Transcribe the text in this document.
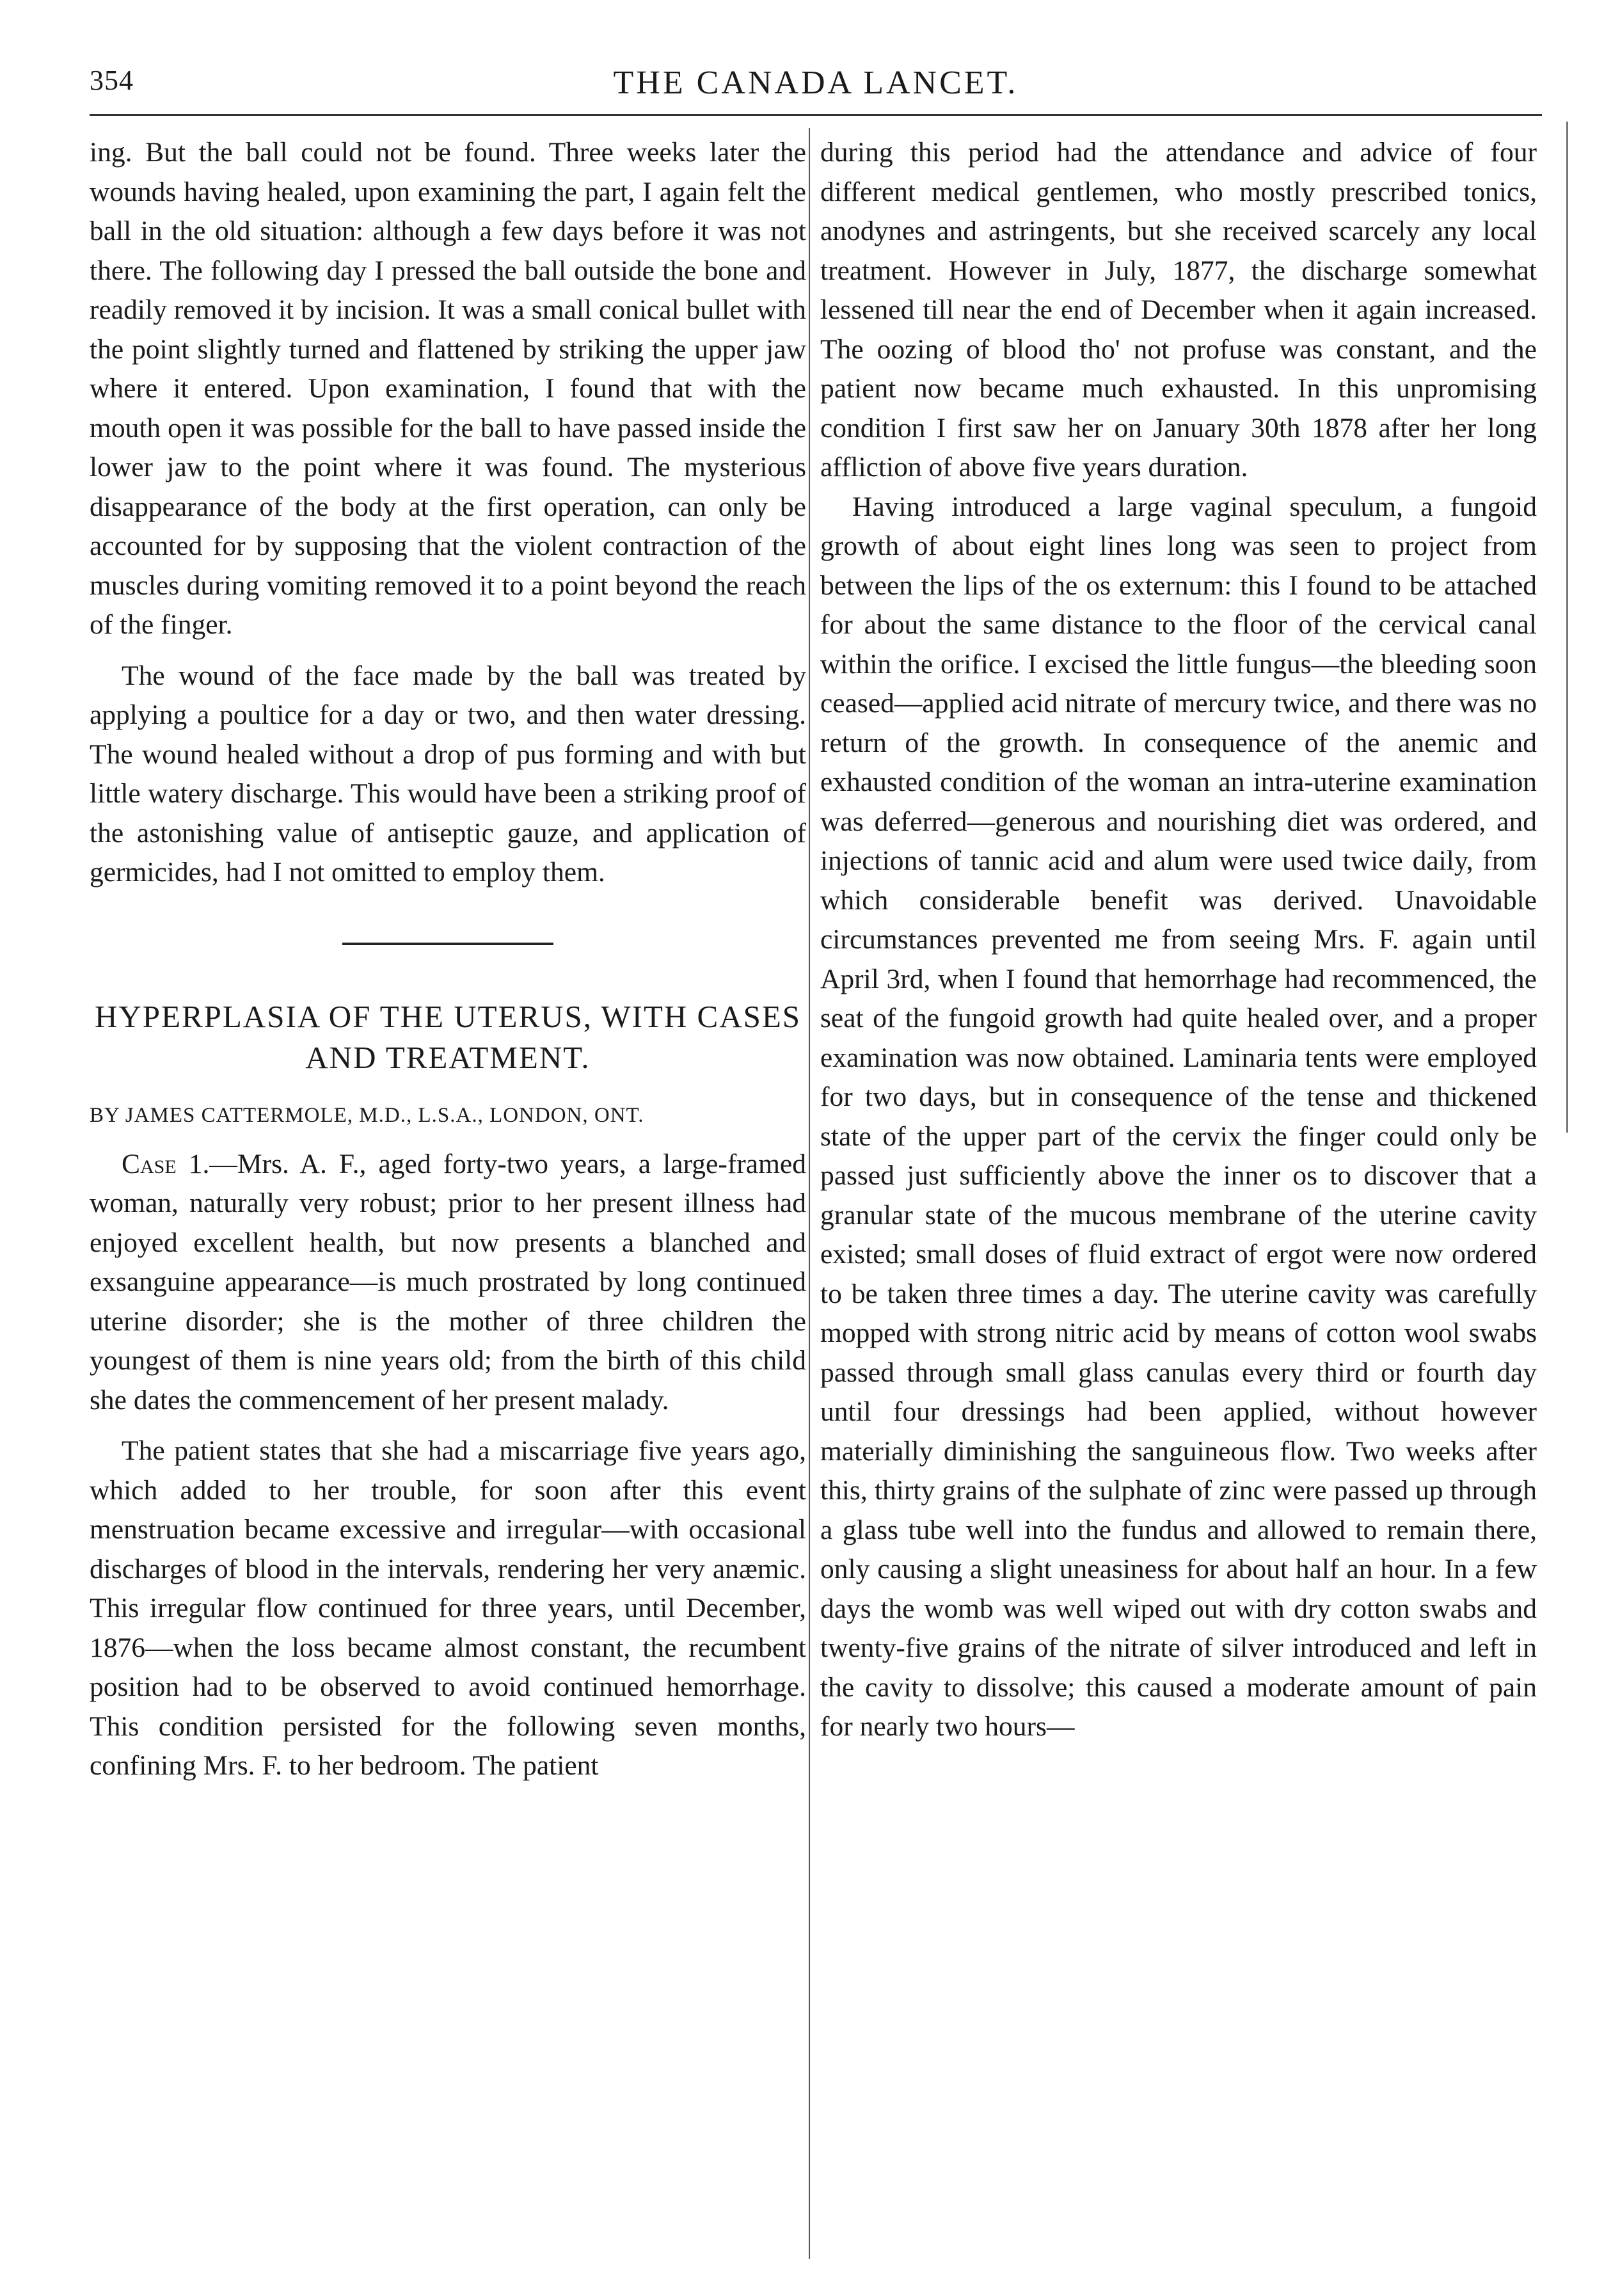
354	THE CANADA LANCET.

ing. But the ball could not be found. Three weeks later the wounds having healed, upon examining the part, I again felt the ball in the old situation: although a few days before it was not there. The following day I pressed the ball outside the bone and readily removed it by incision. It was a small conical bullet with the point slightly turned and flattened by striking the upper jaw where it entered. Upon examination, I found that with the mouth open it was possible for the ball to have passed inside the lower jaw to the point where it was found. The mysterious disappearance of the body at the first operation, can only be accounted for by supposing that the violent contraction of the muscles during vomiting removed it to a point beyond the reach of the finger.

The wound of the face made by the ball was treated by applying a poultice for a day or two, and then water dressing. The wound healed without a drop of pus forming and with but little watery discharge. This would have been a striking proof of the astonishing value of antiseptic gauze, and application of germicides, had I not omitted to employ them.

HYPERPLASIA OF THE UTERUS, WITH CASES AND TREATMENT.

BY JAMES CATTERMOLE, M.D., L.S.A., LONDON, ONT.

Case 1.—Mrs. A. F., aged forty-two years, a large-framed woman, naturally very robust; prior to her present illness had enjoyed excellent health, but now presents a blanched and exsanguine appearance—is much prostrated by long continued uterine disorder; she is the mother of three children the youngest of them is nine years old; from the birth of this child she dates the commencement of her present malady.

The patient states that she had a miscarriage five years ago, which added to her trouble, for soon after this event menstruation became excessive and irregular—with occasional discharges of blood in the intervals, rendering her very anæmic. This irregular flow continued for three years, until December, 1876—when the loss became almost constant, the recumbent position had to be observed to avoid continued hemorrhage. This condition persisted for the following seven months, confining Mrs. F. to her bedroom. The patient

during this period had the attendance and advice of four different medical gentlemen, who mostly prescribed tonics, anodynes and astringents, but she received scarcely any local treatment. However in July, 1877, the discharge somewhat lessened till near the end of December when it again increased. The oozing of blood tho' not profuse was constant, and the patient now became much exhausted. In this unpromising condition I first saw her on January 30th 1878 after her long affliction of above five years duration.

Having introduced a large vaginal speculum, a fungoid growth of about eight lines long was seen to project from between the lips of the os externum: this I found to be attached for about the same distance to the floor of the cervical canal within the orifice. I excised the little fungus—the bleeding soon ceased—applied acid nitrate of mercury twice, and there was no return of the growth. In consequence of the anemic and exhausted condition of the woman an intra-uterine examination was deferred—generous and nourishing diet was ordered, and injections of tannic acid and alum were used twice daily, from which considerable benefit was derived. Unavoidable circumstances prevented me from seeing Mrs. F. again until April 3rd, when I found that hemorrhage had recommenced, the seat of the fungoid growth had quite healed over, and a proper examination was now obtained. Laminaria tents were employed for two days, but in consequence of the tense and thickened state of the upper part of the cervix the finger could only be passed just sufficiently above the inner os to discover that a granular state of the mucous membrane of the uterine cavity existed; small doses of fluid extract of ergot were now ordered to be taken three times a day. The uterine cavity was carefully mopped with strong nitric acid by means of cotton wool swabs passed through small glass canulas every third or fourth day until four dressings had been applied, without however materially diminishing the sanguineous flow. Two weeks after this, thirty grains of the sulphate of zinc were passed up through a glass tube well into the fundus and allowed to remain there, only causing a slight uneasiness for about half an hour. In a few days the womb was well wiped out with dry cotton swabs and twenty-five grains of the nitrate of silver introduced and left in the cavity to dissolve; this caused a moderate amount of pain for nearly two hours—
